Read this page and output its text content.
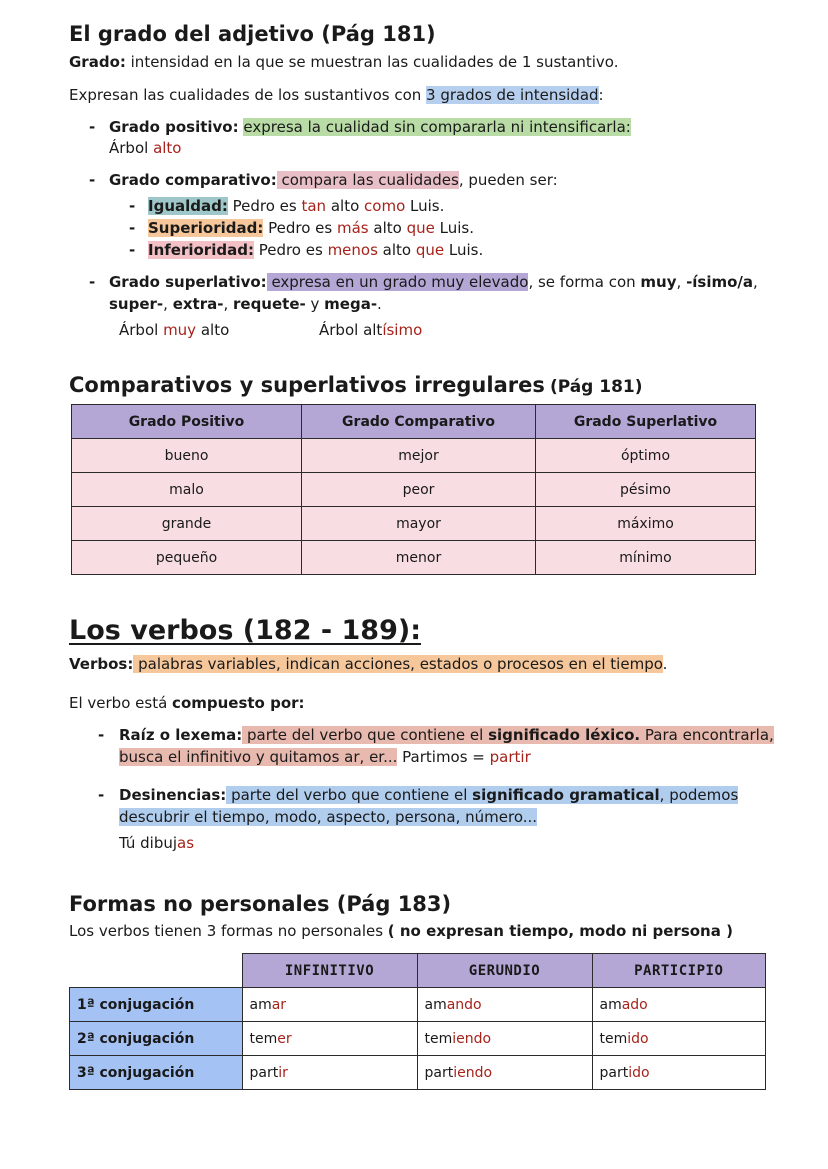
El grado del adjetivo (Pág 181)
Grado: intensidad en la que se muestran las cualidades de 1 sustantivo.
Expresan las cualidades de los sustantivos con 3 grados de intensidad:
- Grado positivo: expresa la cualidad sin compararla ni intensificarla:
Árbol alto
- Grado comparativo: compara las cualidades, pueden ser:
- Igualdad: Pedro es tan alto como Luis.
- Superioridad: Pedro es más alto que Luis.
- Inferioridad: Pedro es menos alto que Luis.
- Grado superlativo: expresa en un grado muy elevado, se forma con muy, -ísimo/a,
super-, extra-, requete- y mega-.
Árbol muy alto	Árbol altísimo
Comparativos y superlativos irregulares (Pág 181)
Grado Positivo	Grado Comparativo	Grado Superlativo
bueno	mejor	óptimo
malo	peor	pésimo
grande	mayor	máximo
pequeño	menor	mínimo
Los verbos (182 - 189):
Verbos: palabras variables, indican acciones, estados o procesos en el tiempo.
El verbo está compuesto por:
- Raíz o lexema: parte del verbo que contiene el significado léxico. Para encontrarla,
busca el infinitivo y quitamos ar, er... Partimos = partir
- Desinencias: parte del verbo que contiene el significado gramatical, podemos
descubrir el tiempo, modo, aspecto, persona, número...
Tú dibujas
Formas no personales (Pág 183)
Los verbos tienen 3 formas no personales ( no expresan tiempo, modo ni persona )
	INFINITIVO	GERUNDIO	PARTICIPIO
1ª conjugación	amar	amando	amado
2ª conjugación	temer	temiendo	temido
3ª conjugación	partir	partiendo	partido
